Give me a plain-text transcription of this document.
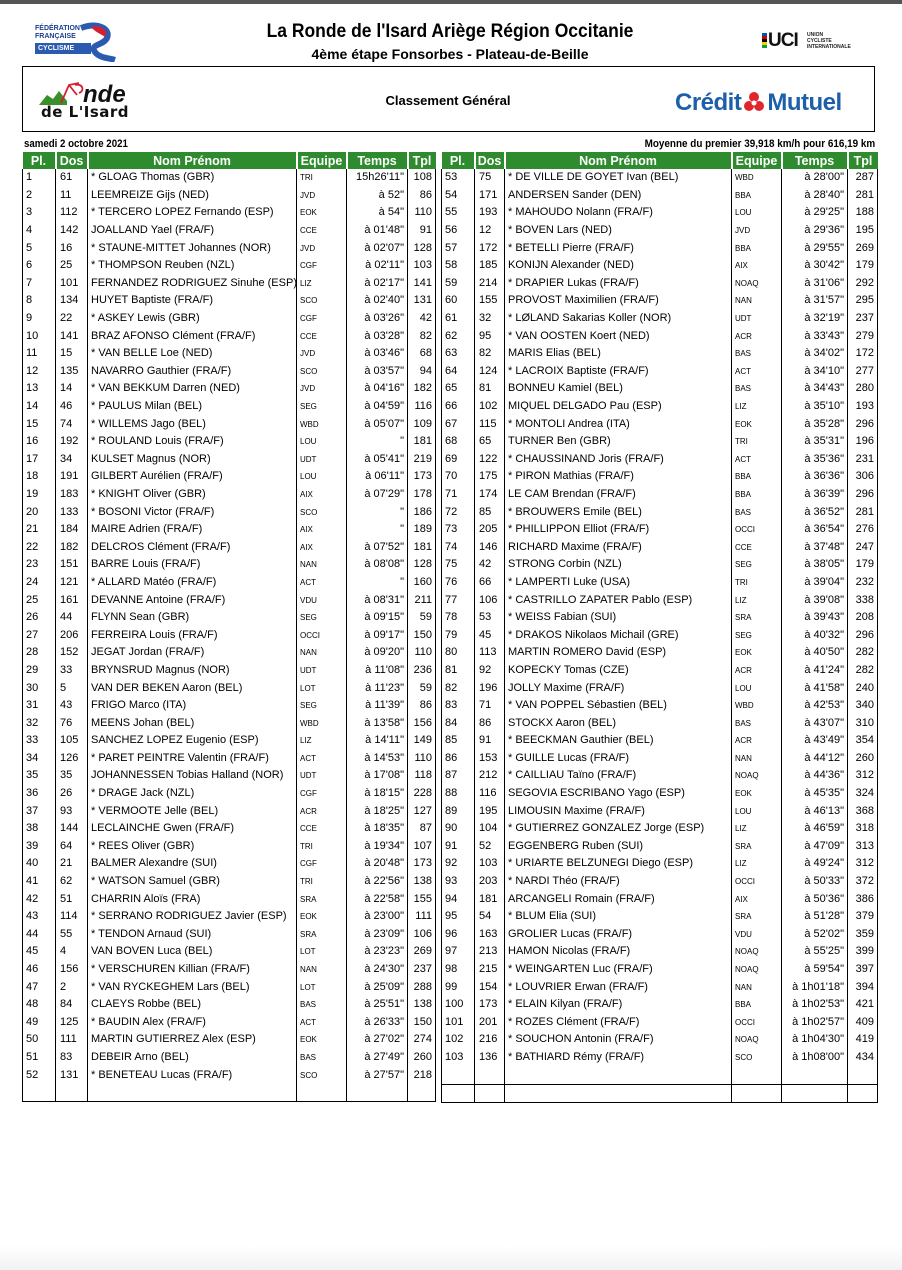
FÉDÉRATION
FRANÇAISE
CYCLISME
La Ronde de l'Isard Ariège Région Occitanie
4ème étape Fonsorbes - Plateau-de-Beille
UCI UNION
CYCLISTE
INTERNATIONALE
nde
de L'Isard
Classement Général	Crédit Mutuel
samedi 2 octobre 2021	Moyenne du premier 39,918 km/h pour 616,19 km
Pl.	Dos	Nom Prénom	Equipe	Temps	Tpl
1	61	* GLOAG Thomas (GBR)	TRI	15h26'11"	108
2	11	LEEMREIZE Gijs (NED)	JVD	à 52"	86
3	112	* TERCERO LOPEZ Fernando (ESP)	EOK	à 54"	110
4	142	JOALLAND Yael (FRA/F)	CCE	à 01'48"	91
5	16	* STAUNE-MITTET Johannes (NOR)	JVD	à 02'07"	128
6	25	* THOMPSON Reuben (NZL)	CGF	à 02'11"	103
7	101	FERNANDEZ RODRIGUEZ Sinuhe (ESP)	LIZ	à 02'17"	141
8	134	HUYET Baptiste (FRA/F)	SCO	à 02'40"	131
9	22	* ASKEY Lewis (GBR)	CGF	à 03'26"	42
10	141	BRAZ AFONSO Clément (FRA/F)	CCE	à 03'28"	82
11	15	* VAN BELLE Loe (NED)	JVD	à 03'46"	68
12	135	NAVARRO Gauthier (FRA/F)	SCO	à 03'57"	94
13	14	* VAN BEKKUM Darren (NED)	JVD	à 04'16"	182
14	46	* PAULUS Milan (BEL)	SEG	à 04'59"	116
15	74	* WILLEMS Jago (BEL)	WBD	à 05'07"	109
16	192	* ROULAND Louis (FRA/F)	LOU	"	181
17	34	KULSET Magnus (NOR)	UDT	à 05'41"	219
18	191	GILBERT Aurélien (FRA/F)	LOU	à 06'11"	173
19	183	* KNIGHT Oliver (GBR)	AIX	à 07'29"	178
20	133	* BOSONI Victor (FRA/F)	SCO	"	186
21	184	MAIRE Adrien (FRA/F)	AIX	"	189
22	182	DELCROS Clément (FRA/F)	AIX	à 07'52"	181
23	151	BARRE Louis (FRA/F)	NAN	à 08'08"	128
24	121	* ALLARD Matéo (FRA/F)	ACT	"	160
25	161	DEVANNE Antoine (FRA/F)	VDU	à 08'31"	211
26	44	FLYNN Sean (GBR)	SEG	à 09'15"	59
27	206	FERREIRA Louis (FRA/F)	OCCI	à 09'17"	150
28	152	JEGAT Jordan (FRA/F)	NAN	à 09'20"	110
29	33	BRYNSRUD Magnus (NOR)	UDT	à 11'08"	236
30	5	VAN DER BEKEN Aaron (BEL)	LOT	à 11'23"	59
31	43	FRIGO Marco (ITA)	SEG	à 11'39"	86
32	76	MEENS Johan (BEL)	WBD	à 13'58"	156
33	105	SANCHEZ LOPEZ Eugenio (ESP)	LIZ	à 14'11"	149
34	126	* PARET PEINTRE Valentin (FRA/F)	ACT	à 14'53"	110
35	35	JOHANNESSEN Tobias Halland (NOR)	UDT	à 17'08"	118
36	26	* DRAGE Jack (NZL)	CGF	à 18'15"	228
37	93	* VERMOOTE Jelle (BEL)	ACR	à 18'25"	127
38	144	LECLAINCHE Gwen (FRA/F)	CCE	à 18'35"	87
39	64	* REES Oliver (GBR)	TRI	à 19'34"	107
40	21	BALMER Alexandre (SUI)	CGF	à 20'48"	173
41	62	* WATSON Samuel (GBR)	TRI	à 22'56"	138
42	51	CHARRIN Aloïs (FRA)	SRA	à 22'58"	155
43	114	* SERRANO RODRIGUEZ Javier (ESP)	EOK	à 23'00"	111
44	55	* TENDON Arnaud (SUI)	SRA	à 23'09"	106
45	4	VAN BOVEN Luca (BEL)	LOT	à 23'23"	269
46	156	* VERSCHUREN Killian (FRA/F)	NAN	à 24'30"	237
47	2	* VAN RYCKEGHEM Lars (BEL)	LOT	à 25'09"	288
48	84	CLAEYS Robbe (BEL)	BAS	à 25'51"	138
49	125	* BAUDIN Alex (FRA/F)	ACT	à 26'33"	150
50	111	MARTIN GUTIERREZ Alex (ESP)	EOK	à 27'02"	274
51	83	DEBEIR Arno (BEL)	BAS	à 27'49"	260
52	131	* BENETEAU Lucas (FRA/F)	SCO	à 27'57"	218

Pl.	Dos	Nom Prénom	Equipe	Temps	Tpl
53	75	* DE VILLE DE GOYET Ivan (BEL)	WBD	à 28'00"	287
54	171	ANDERSEN Sander (DEN)	BBA	à 28'40"	281
55	193	* MAHOUDO Nolann (FRA/F)	LOU	à 29'25"	188
56	12	* BOVEN Lars (NED)	JVD	à 29'36"	195
57	172	* BETELLI Pierre (FRA/F)	BBA	à 29'55"	269
58	185	KONIJN Alexander (NED)	AIX	à 30'42"	179
59	214	* DRAPIER Lukas (FRA/F)	NOAQ	à 31'06"	292
60	155	PROVOST Maximilien (FRA/F)	NAN	à 31'57"	295
61	32	* LØLAND Sakarias Koller (NOR)	UDT	à 32'19"	237
62	95	* VAN OOSTEN Koert (NED)	ACR	à 33'43"	279
63	82	MARIS Elias (BEL)	BAS	à 34'02"	172
64	124	* LACROIX Baptiste (FRA/F)	ACT	à 34'10"	277
65	81	BONNEU Kamiel (BEL)	BAS	à 34'43"	280
66	102	MIQUEL DELGADO Pau (ESP)	LIZ	à 35'10"	193
67	115	* MONTOLI Andrea (ITA)	EOK	à 35'28"	296
68	65	TURNER Ben (GBR)	TRI	à 35'31"	196
69	122	* CHAUSSINAND Joris (FRA/F)	ACT	à 35'36"	231
70	175	* PIRON Mathias (FRA/F)	BBA	à 36'36"	306
71	174	LE CAM Brendan (FRA/F)	BBA	à 36'39"	296
72	85	* BROUWERS Emile (BEL)	BAS	à 36'52"	281
73	205	* PHILLIPPON Elliot (FRA/F)	OCCI	à 36'54"	276
74	146	RICHARD Maxime (FRA/F)	CCE	à 37'48"	247
75	42	STRONG Corbin (NZL)	SEG	à 38'05"	179
76	66	* LAMPERTI Luke (USA)	TRI	à 39'04"	232
77	106	* CASTRILLO ZAPATER Pablo (ESP)	LIZ	à 39'08"	338
78	53	* WEISS Fabian (SUI)	SRA	à 39'43"	208
79	45	* DRAKOS Nikolaos Michail (GRE)	SEG	à 40'32"	296
80	113	MARTIN ROMERO David (ESP)	EOK	à 40'50"	282
81	92	KOPECKY Tomas (CZE)	ACR	à 41'24"	282
82	196	JOLLY Maxime (FRA/F)	LOU	à 41'58"	240
83	71	* VAN POPPEL Sébastien (BEL)	WBD	à 42'53"	340
84	86	STOCKX Aaron (BEL)	BAS	à 43'07"	310
85	91	* BEECKMAN Gauthier (BEL)	ACR	à 43'49"	354
86	153	* GUILLE Lucas (FRA/F)	NAN	à 44'12"	260
87	212	* CAILLIAU Taïno (FRA/F)	NOAQ	à 44'36"	312
88	116	SEGOVIA ESCRIBANO Yago (ESP)	EOK	à 45'35"	324
89	195	LIMOUSIN Maxime (FRA/F)	LOU	à 46'13"	368
90	104	* GUTIERREZ GONZALEZ Jorge (ESP)	LIZ	à 46'59"	318
91	52	EGGENBERG Ruben (SUI)	SRA	à 47'09"	313
92	103	* URIARTE BELZUNEGI Diego (ESP)	LIZ	à 49'24"	312
93	203	* NARDI Théo (FRA/F)	OCCI	à 50'33"	372
94	181	ARCANGELI Romain (FRA/F)	AIX	à 50'36"	386
95	54	* BLUM Elia (SUI)	SRA	à 51'28"	379
96	163	GROLIER Lucas (FRA/F)	VDU	à 52'02"	359
97	213	HAMON Nicolas (FRA/F)	NOAQ	à 55'25"	399
98	215	* WEINGARTEN Luc (FRA/F)	NOAQ	à 59'54"	397
99	154	* LOUVRIER Erwan (FRA/F)	NAN	à 1h01'18"	394
100	173	* ELAIN Kilyan (FRA/F)	BBA	à 1h02'53"	421
101	201	* ROZES Clément (FRA/F)	OCCI	à 1h02'57"	409
102	216	* SOUCHON Antonin (FRA/F)	NOAQ	à 1h04'30"	419
103	136	* BATHIARD Rémy (FRA/F)	SCO	à 1h08'00"	434
